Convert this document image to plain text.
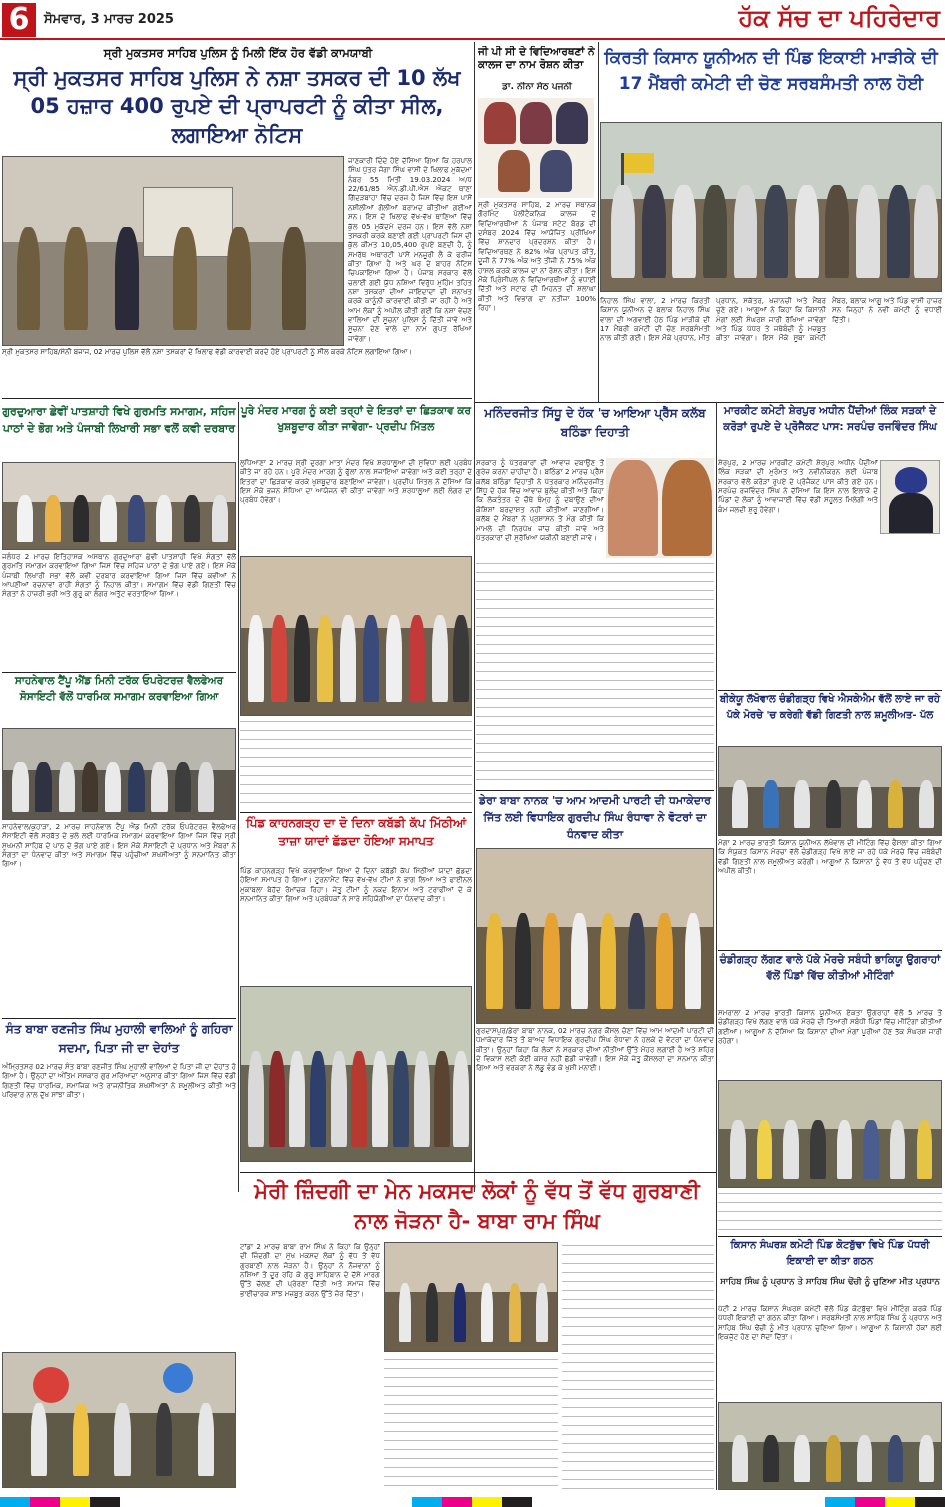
6	ਸੋਮਵਾਰ, 3 ਮਾਰਚ 2025	ਹੱਕ ਸੱਚ ਦਾ ਪਹਿਰੇਦਾਰ
ਸ੍ਰੀ ਮੁਕਤਸਰ ਸਾਹਿਬ ਪੁਲਿਸ ਨੂੰ ਮਿਲੀ ਇੱਕ ਹੋਰ ਵੱਡੀ ਕਾਮਯਾਬੀ
ਸ੍ਰੀ ਮੁਕਤਸਰ ਸਾਹਿਬ ਪੁਲਿਸ ਨੇ ਨਸ਼ਾ ਤਸਕਰ ਦੀ 10 ਲੱਖ 05 ਹਜ਼ਾਰ 400 ਰੁਪਏ ਦੀ ਪ੍ਰਾਪਰਟੀ ਨੂੰ ਕੀਤਾ ਸੀਲ, ਲਗਾਇਆ ਨੋਟਿਸ
ਜਾਣਕਾਰੀ ਦਿੰਦੇ ਹੋਏ ਦੱਸਿਆ ਗਿਆ ਕਿ ਹਰਪਾਲ ਸਿੰਘ ਪੁੱਤਰ ਜੋਗਾ ਸਿੰਘ ਵਾਸੀ ਦੇ ਖਿਲਾਫ ਮੁਕੱਦਮਾ ਨੰਬਰ 55 ਮਿਤੀ 19.03.2024 ਅ/ਧ 22/61/85 ਐਨ.ਡੀ.ਪੀ.ਐਸ ਐਕਟ ਥਾਣਾ ਗਿੱਦੜਬਾਹਾ ਵਿੱਚ ਦਰਜ ਹੈ ਜਿਸ ਵਿੱਚ ਇਸ ਪਾਸੋਂ ਨਸ਼ੀਲੀਆਂ ਗੋਲੀਆਂ ਬਰਾਮਦ ਕੀਤੀਆਂ ਗਈਆਂ ਸਨ। ਇਸ ਦੇ ਖਿਲਾਫ ਵੱਖ-ਵੱਖ ਥਾਣਿਆਂ ਵਿੱਚ ਕੁੱਲ 05 ਮੁਕੱਦਮੇ ਦਰਜ ਹਨ। ਇਸ ਵੱਲੋਂ ਨਸ਼ਾ ਤਸਕਰੀ ਕਰਕੇ ਬਣਾਈ ਗਈ ਪ੍ਰਾਪਰਟੀ ਜਿਸ ਦੀ ਕੁੱਲ ਕੀਮਤ 10,05,400 ਰੁਪਏ ਬਣਦੀ ਹੈ, ਨੂੰ ਸਮਰੱਥ ਅਥਾਰਟੀ ਪਾਸੋਂ ਮਨਜ਼ੂਰੀ ਲੈ ਕੇ ਫਰੀਜ ਕੀਤਾ ਗਿਆ ਹੈ ਅਤੇ ਘਰ ਦੇ ਬਾਹਰ ਨੋਟਿਸ ਚਿਪਕਾਇਆ ਗਿਆ ਹੈ। ਪੰਜਾਬ ਸਰਕਾਰ ਵੱਲੋਂ ਚਲਾਈ ਗਈ ਯੁੱਧ ਨਸ਼ਿਆਂ ਵਿਰੁੱਧ ਮੁਹਿੰਮ ਤਹਿਤ ਨਸ਼ਾ ਤਸਕਰਾਂ ਦੀਆਂ ਜਾਇਦਾਦਾਂ ਦੀ ਸ਼ਨਾਖਤ ਕਰਕੇ ਕਾਨੂੰਨੀ ਕਾਰਵਾਈ ਕੀਤੀ ਜਾ ਰਹੀ ਹੈ ਅਤੇ ਆਮ ਲੋਕਾਂ ਨੂੰ ਅਪੀਲ ਕੀਤੀ ਗਈ ਕਿ ਨਸ਼ਾ ਵੇਚਣ ਵਾਲਿਆਂ ਦੀ ਸੂਚਨਾ ਪੁਲਿਸ ਨੂੰ ਦਿੱਤੀ ਜਾਵੇ ਅਤੇ ਸੂਚਨਾ ਦੇਣ ਵਾਲੇ ਦਾ ਨਾਮ ਗੁਪਤ ਰੱਖਿਆ ਜਾਵੇਗਾ।
ਸ੍ਰੀ ਮੁਕਤਸਰ ਸਾਹਿਬ/ਸੰਨੀ ਬਜਾਜ, 02 ਮਾਰਚ ਪੁਲਿਸ ਵੱਲੋਂ ਨਸ਼ਾ ਤਸਕਰਾਂ ਦੇ ਖਿਲਾਫ ਵੱਡੀ ਕਾਰਵਾਈ ਕਰਦੇ ਹੋਏ ਪ੍ਰਾਪਰਟੀ ਨੂੰ ਸੀਲ ਕਰਕੇ ਨੋਟਿਸ ਲਗਾਇਆ ਗਿਆ।
ਜੀ ਪੀ ਸੀ ਦੇ ਵਿਦਿਆਰਥਣਾਂ ਨੇ ਕਾਲਜ ਦਾ ਨਾਮ ਰੋਸ਼ਨ ਕੀਤਾ
ਡਾ. ਨੀਨਾ ਸੇਠ ਪਜਨੀ
ਸ੍ਰੀ ਮੁਕਤਸਰ ਸਾਹਿਬ, 2 ਮਾਰਚ ਸਥਾਨਕ ਗੌਰਮਿੰਟ ਪੋਲੀਟੈਕਨਿਕ ਕਾਲਜ ਦੇ ਵਿਦਿਆਰਥੀਆਂ ਨੇ ਪੰਜਾਬ ਸਟੇਟ ਬੋਰਡ ਦੀ ਦਸੰਬਰ 2024 ਵਿੱਚ ਆਯੋਜਿਤ ਪ੍ਰੀਖਿਆ ਵਿੱਚ ਸ਼ਾਨਦਾਰ ਪ੍ਰਦਰਸ਼ਨ ਕੀਤਾ ਹੈ। ਵਿਦਿਆਰਥਣ ਨੇ 82% ਅੰਕ ਪ੍ਰਾਪਤ ਕੀਤੇ, ਦੂਜੀ ਨੇ 77% ਅੰਕ ਅਤੇ ਤੀਜੀ ਨੇ 75% ਅੰਕ ਹਾਸਲ ਕਰਕੇ ਕਾਲਜ ਦਾ ਨਾਂ ਰੋਸ਼ਨ ਕੀਤਾ। ਇਸ ਮੌਕੇ ਪ੍ਰਿੰਸੀਪਲ ਨੇ ਵਿਦਿਆਰਥੀਆਂ ਨੂੰ ਵਧਾਈ ਦਿੱਤੀ ਅਤੇ ਸਟਾਫ ਦੀ ਮਿਹਨਤ ਦੀ ਸ਼ਲਾਘਾ ਕੀਤੀ ਅਤੇ ਵਿਭਾਗ ਦਾ ਨਤੀਜਾ 100% ਰਿਹਾ।
ਕਿਰਤੀ ਕਿਸਾਨ ਯੂਨੀਅਨ ਦੀ ਪਿੰਡ ਇਕਾਈ ਮਾੜੀਕੇ ਦੀ 17 ਮੈਂਬਰੀ ਕਮੇਟੀ ਦੀ ਚੋਣ ਸਰਬਸੰਮਤੀ ਨਾਲ ਹੋਈ
ਨਿਹਾਲ ਸਿੰਘ ਵਾਲਾ, 2 ਮਾਰਚ ਕਿਰਤੀ ਕਿਸਾਨ ਯੂਨੀਅਨ ਦੇ ਬਲਾਕ ਨਿਹਾਲ ਸਿੰਘ ਵਾਲਾ ਦੀ ਅਗਵਾਈ ਹੇਠ ਪਿੰਡ ਮਾੜੀਕੇ ਦੀ 17 ਮੈਂਬਰੀ ਕਮੇਟੀ ਦੀ ਚੋਣ ਸਰਬਸੰਮਤੀ ਨਾਲ ਕੀਤੀ ਗਈ। ਇਸ ਮੌਕੇ ਪ੍ਰਧਾਨ, ਮੀਤ ਪ੍ਰਧਾਨ, ਸਕੱਤਰ, ਖਜ਼ਾਨਚੀ ਅਤੇ ਮੈਂਬਰ ਚੁਣੇ ਗਏ। ਆਗੂਆਂ ਨੇ ਕਿਹਾ ਕਿ ਕਿਸਾਨੀ ਮੰਗਾਂ ਲਈ ਸੰਘਰਸ਼ ਜਾਰੀ ਰੱਖਿਆ ਜਾਵੇਗਾ ਅਤੇ ਪਿੰਡ ਪੱਧਰ ਤੇ ਜਥੇਬੰਦੀ ਨੂੰ ਮਜ਼ਬੂਤ ਕੀਤਾ ਜਾਵੇਗਾ। ਇਸ ਮੌਕੇ ਸੂਬਾ ਕਮੇਟੀ ਮੈਂਬਰ, ਬਲਾਕ ਆਗੂ ਅਤੇ ਪਿੰਡ ਵਾਸੀ ਹਾਜ਼ਰ ਸਨ ਜਿਨ੍ਹਾਂ ਨੇ ਨਵੀਂ ਕਮੇਟੀ ਨੂੰ ਵਧਾਈ ਦਿੱਤੀ।
ਗੁਰਦੁਆਰਾ ਛੇਵੀਂ ਪਾਤਸ਼ਾਹੀ ਵਿਖੇ ਗੁਰਮਤਿ ਸਮਾਗਮ, ਸਹਿਜ ਪਾਠਾਂ ਦੇ ਭੋਗ ਅਤੇ ਪੰਜਾਬੀ ਲਿਖਾਰੀ ਸਭਾ ਵਲੋਂ ਕਵੀ ਦਰਬਾਰ
ਜਲੰਧਰ 2 ਮਾਰਚ ਇਤਿਹਾਸਕ ਅਸਥਾਨ ਗੁਰਦੁਆਰਾ ਛੇਵੀਂ ਪਾਤਸ਼ਾਹੀ ਵਿਖੇ ਸੰਗਤਾਂ ਵੱਲੋਂ ਗੁਰਮਤਿ ਸਮਾਗਮ ਕਰਵਾਇਆ ਗਿਆ ਜਿਸ ਵਿੱਚ ਸਹਿਜ ਪਾਠਾਂ ਦੇ ਭੋਗ ਪਾਏ ਗਏ। ਇਸ ਮੌਕੇ ਪੰਜਾਬੀ ਲਿਖਾਰੀ ਸਭਾ ਵੱਲੋਂ ਕਵੀ ਦਰਬਾਰ ਕਰਵਾਇਆ ਗਿਆ ਜਿਸ ਵਿੱਚ ਕਵੀਆਂ ਨੇ ਆਪਣੀਆਂ ਰਚਨਾਵਾਂ ਰਾਹੀਂ ਸੰਗਤਾਂ ਨੂੰ ਨਿਹਾਲ ਕੀਤਾ। ਸਮਾਗਮ ਵਿੱਚ ਵੱਡੀ ਗਿਣਤੀ ਵਿੱਚ ਸੰਗਤਾਂ ਨੇ ਹਾਜ਼ਰੀ ਭਰੀ ਅਤੇ ਗੁਰੂ ਕਾ ਲੰਗਰ ਅਤੁੱਟ ਵਰਤਾਇਆ ਗਿਆ।
ਸਾਹਨੇਵਾਲ ਟੈਂਪੂ ਐਂਡ ਮਿਨੀ ਟਰੱਕ ਓਪਰੇਟਰਜ਼ ਵੈਲਫੇਅਰ ਸੋਸਾਇਟੀ ਵੱਲੋਂ ਧਾਰਮਿਕ ਸਮਾਗਮ ਕਰਵਾਇਆ ਗਿਆ
ਸਾਹਨੇਵਾਲ/ਕੁਹਾੜਾ, 2 ਮਾਰਚ ਸਾਹਨੇਵਾਲ ਟੈਂਪੂ ਐਂਡ ਮਿਨੀ ਟਰੱਕ ਓਪਰੇਟਰਜ਼ ਵੈਲਫੇਅਰ ਸੋਸਾਇਟੀ ਵੱਲੋਂ ਸਰਬੱਤ ਦੇ ਭਲੇ ਲਈ ਧਾਰਮਿਕ ਸਮਾਗਮ ਕਰਵਾਇਆ ਗਿਆ ਜਿਸ ਵਿੱਚ ਸ੍ਰੀ ਸੁਖਮਨੀ ਸਾਹਿਬ ਦੇ ਪਾਠ ਦੇ ਭੋਗ ਪਾਏ ਗਏ। ਇਸ ਮੌਕੇ ਸੋਸਾਇਟੀ ਦੇ ਪ੍ਰਧਾਨ ਅਤੇ ਮੈਂਬਰਾਂ ਨੇ ਸੰਗਤਾਂ ਦਾ ਧੰਨਵਾਦ ਕੀਤਾ ਅਤੇ ਸਮਾਗਮ ਵਿੱਚ ਪਹੁੰਚੀਆਂ ਸ਼ਖਸੀਅਤਾਂ ਨੂੰ ਸਨਮਾਨਿਤ ਕੀਤਾ ਗਿਆ।
ਸੰਤ ਬਾਬਾ ਰਣਜੀਤ ਸਿੰਘ ਮੁਹਾਲੀ ਵਾਲਿਆਂ ਨੂੰ ਗਹਿਰਾ ਸਦਮਾ, ਪਿਤਾ ਜੀ ਦਾ ਦੇਹਾਂਤ
ਅੰਮ੍ਰਿਤਸਰ 02 ਮਾਰਚ ਸੰਤ ਬਾਬਾ ਰਣਜੀਤ ਸਿੰਘ ਮੁਹਾਲੀ ਵਾਲਿਆਂ ਦੇ ਪਿਤਾ ਜੀ ਦਾ ਦੇਹਾਂਤ ਹੋ ਗਿਆ ਹੈ। ਉਨ੍ਹਾਂ ਦਾ ਅੰਤਿਮ ਸਸਕਾਰ ਗੁਰ ਮਰਿਆਦਾ ਅਨੁਸਾਰ ਕੀਤਾ ਗਿਆ ਜਿਸ ਵਿੱਚ ਵੱਡੀ ਗਿਣਤੀ ਵਿੱਚ ਧਾਰਮਿਕ, ਸਮਾਜਿਕ ਅਤੇ ਰਾਜਨੀਤਿਕ ਸ਼ਖਸੀਅਤਾਂ ਨੇ ਸ਼ਮੂਲੀਅਤ ਕੀਤੀ ਅਤੇ ਪਰਿਵਾਰ ਨਾਲ ਦੁੱਖ ਸਾਂਝਾ ਕੀਤਾ।
ਪੂਰੇ ਮੰਦਰ ਮਾਰਗ ਨੂੰ ਕਈ ਤਰ੍ਹਾਂ ਦੇ ਇਤਰਾਂ ਦਾ ਛਿੜਕਾਵ ਕਰ ਖੁਸ਼ਬੂਦਾਰ ਕੀਤਾ ਜਾਵੇਗਾ- ਪ੍ਰਦੀਪ ਮਿੱਤਲ
ਲੁਧਿਆਣਾ 2 ਮਾਰਚ ਸ਼੍ਰੀ ਦੁਰਗਾ ਮਾਤਾ ਮੰਦਰ ਵਿਖੇ ਸ਼ਰਧਾਲੂਆਂ ਦੀ ਸੁਵਿਧਾ ਲਈ ਪ੍ਰਬੰਧ ਕੀਤੇ ਜਾ ਰਹੇ ਹਨ। ਪੂਰੇ ਮੰਦਰ ਮਾਰਗ ਨੂੰ ਫੁੱਲਾਂ ਨਾਲ ਸਜਾਇਆ ਜਾਵੇਗਾ ਅਤੇ ਕਈ ਤਰ੍ਹਾਂ ਦੇ ਇਤਰਾਂ ਦਾ ਛਿੜਕਾਵ ਕਰਕੇ ਖੁਸ਼ਬੂਦਾਰ ਬਣਾਇਆ ਜਾਵੇਗਾ। ਪ੍ਰਦੀਪ ਮਿੱਤਲ ਨੇ ਦੱਸਿਆ ਕਿ ਇਸ ਮੌਕੇ ਭਜਨ ਸੰਧਿਆ ਦਾ ਆਯੋਜਨ ਵੀ ਕੀਤਾ ਜਾਵੇਗਾ ਅਤੇ ਸ਼ਰਧਾਲੂਆਂ ਲਈ ਲੰਗਰ ਦਾ ਪ੍ਰਬੰਧ ਹੋਵੇਗਾ।
ਪਿੰਡ ਕਾਹਨਗੜ੍ਹ ਦਾ ਦੋ ਦਿਨਾ ਕਬੱਡੀ ਕੱਪ ਮਿੱਠੀਆਂ ਤਾਜ਼ਾ ਯਾਦਾਂ ਛੱਡਦਾ ਹੋਇਆ ਸਮਾਪਤ
ਪਿੰਡ ਕਾਹਨਗੜ੍ਹ ਵਿਖੇ ਕਰਵਾਇਆ ਗਿਆ ਦੋ ਦਿਨਾ ਕਬੱਡੀ ਕੱਪ ਮਿੱਠੀਆਂ ਯਾਦਾਂ ਛੱਡਦਾ ਹੋਇਆ ਸਮਾਪਤ ਹੋ ਗਿਆ। ਟੂਰਨਾਮੈਂਟ ਵਿੱਚ ਵੱਖ-ਵੱਖ ਟੀਮਾਂ ਨੇ ਭਾਗ ਲਿਆ ਅਤੇ ਫਾਈਨਲ ਮੁਕਾਬਲਾ ਬੇਹੱਦ ਰੋਮਾਂਚਕ ਰਿਹਾ। ਜੇਤੂ ਟੀਮਾਂ ਨੂੰ ਨਕਦ ਇਨਾਮ ਅਤੇ ਟਰਾਫੀਆਂ ਦੇ ਕੇ ਸਨਮਾਨਿਤ ਕੀਤਾ ਗਿਆ ਅਤੇ ਪ੍ਰਬੰਧਕਾਂ ਨੇ ਸਾਰੇ ਸਹਿਯੋਗੀਆਂ ਦਾ ਧੰਨਵਾਦ ਕੀਤਾ।
ਮਨਿੰਦਰਜੀਤ ਸਿੱਧੂ ਦੇ ਹੱਕ 'ਚ ਆਇਆ ਪ੍ਰੈੱਸ ਕਲੱਬ ਬਠਿੰਡਾ ਦਿਹਾਤੀ
ਸਰਕਾਰ ਨੂੰ ਪੱਤਰਕਾਰਾਂ ਦੀ ਆਵਾਜ਼ ਦਬਾਉਣ ਤੋਂ ਗੁਰੇਜ਼ ਕਰਨਾ ਚਾਹੀਦਾ ਹੈ। ਬਠਿੰਡਾ 2 ਮਾਰਚ ਪ੍ਰੈੱਸ ਕਲੱਬ ਬਠਿੰਡਾ ਦਿਹਾਤੀ ਨੇ ਪੱਤਰਕਾਰ ਮਨਿੰਦਰਜੀਤ ਸਿੱਧੂ ਦੇ ਹੱਕ ਵਿੱਚ ਆਵਾਜ਼ ਬੁਲੰਦ ਕੀਤੀ ਅਤੇ ਕਿਹਾ ਕਿ ਲੋਕਤੰਤਰ ਦੇ ਚੌਥੇ ਥੰਮ੍ਹ ਨੂੰ ਦਬਾਉਣ ਦੀਆਂ ਕੋਸ਼ਿਸ਼ਾਂ ਬਰਦਾਸ਼ਤ ਨਹੀਂ ਕੀਤੀਆਂ ਜਾਣਗੀਆਂ। ਕਲੱਬ ਦੇ ਮੈਂਬਰਾਂ ਨੇ ਪ੍ਰਸ਼ਾਸਨ ਤੋਂ ਮੰਗ ਕੀਤੀ ਕਿ ਮਾਮਲੇ ਦੀ ਨਿਰਪੱਖ ਜਾਂਚ ਕੀਤੀ ਜਾਵੇ ਅਤੇ ਪੱਤਰਕਾਰਾਂ ਦੀ ਸੁਰੱਖਿਆ ਯਕੀਨੀ ਬਣਾਈ ਜਾਵੇ।
ਡੇਰਾ ਬਾਬਾ ਨਾਨਕ 'ਚ ਆਮ ਆਦਮੀ ਪਾਰਟੀ ਦੀ ਧਮਾਕੇਦਾਰ ਜਿੱਤ ਲਈ ਵਿਧਾਇਕ ਗੁਰਦੀਪ ਸਿੰਘ ਰੰਧਾਵਾ ਨੇ ਵੋਟਰਾਂ ਦਾ ਧੰਨਵਾਦ ਕੀਤਾ
ਗੁਰਦਾਸਪੁਰ/ਡੇਰਾ ਬਾਬਾ ਨਾਨਕ, 02 ਮਾਰਚ ਨਗਰ ਕੌਂਸਲ ਚੋਣਾਂ ਵਿੱਚ ਆਮ ਆਦਮੀ ਪਾਰਟੀ ਦੀ ਧਮਾਕੇਦਾਰ ਜਿੱਤ ਤੋਂ ਬਾਅਦ ਵਿਧਾਇਕ ਗੁਰਦੀਪ ਸਿੰਘ ਰੰਧਾਵਾ ਨੇ ਹਲਕੇ ਦੇ ਵੋਟਰਾਂ ਦਾ ਧੰਨਵਾਦ ਕੀਤਾ। ਉਨ੍ਹਾਂ ਕਿਹਾ ਕਿ ਲੋਕਾਂ ਨੇ ਸਰਕਾਰ ਦੀਆਂ ਨੀਤੀਆਂ ਉੱਤੇ ਮੋਹਰ ਲਗਾਈ ਹੈ ਅਤੇ ਸ਼ਹਿਰ ਦੇ ਵਿਕਾਸ ਲਈ ਕੋਈ ਕਸਰ ਨਹੀਂ ਛੱਡੀ ਜਾਵੇਗੀ। ਇਸ ਮੌਕੇ ਜੇਤੂ ਕੌਂਸਲਰਾਂ ਦਾ ਸਨਮਾਨ ਕੀਤਾ ਗਿਆ ਅਤੇ ਵਰਕਰਾਂ ਨੇ ਲੱਡੂ ਵੰਡ ਕੇ ਖੁਸ਼ੀ ਮਨਾਈ।
ਮਾਰਕੀਟ ਕਮੇਟੀ ਸ਼ੇਰਪੁਰ ਅਧੀਨ ਪੈਂਦੀਆਂ ਲਿੰਕ ਸੜਕਾਂ ਦੇ ਕਰੋੜਾਂ ਰੁਪਏ ਦੇ ਪ੍ਰੋਜੈਕਟ ਪਾਸ: ਸਰਪੰਚ ਰਜਵਿੰਦਰ ਸਿੰਘ
ਸ਼ੇਰਪੁਰ, 2 ਮਾਰਚ ਮਾਰਕੀਟ ਕਮੇਟੀ ਸ਼ੇਰਪੁਰ ਅਧੀਨ ਪੈਂਦੀਆਂ ਲਿੰਕ ਸੜਕਾਂ ਦੀ ਮੁਰੰਮਤ ਅਤੇ ਨਵੀਨੀਕਰਨ ਲਈ ਪੰਜਾਬ ਸਰਕਾਰ ਵੱਲੋਂ ਕਰੋੜਾਂ ਰੁਪਏ ਦੇ ਪ੍ਰੋਜੈਕਟ ਪਾਸ ਕੀਤੇ ਗਏ ਹਨ। ਸਰਪੰਚ ਰਜਵਿੰਦਰ ਸਿੰਘ ਨੇ ਦੱਸਿਆ ਕਿ ਇਸ ਨਾਲ ਇਲਾਕੇ ਦੇ ਪਿੰਡਾਂ ਦੇ ਲੋਕਾਂ ਨੂੰ ਆਵਾਜਾਈ ਵਿੱਚ ਵੱਡੀ ਸਹੂਲਤ ਮਿਲੇਗੀ ਅਤੇ ਕੰਮ ਜਲਦੀ ਸ਼ੁਰੂ ਹੋਵੇਗਾ।
ਬੀਕੇਯੂ ਲੱਖੋਵਾਲ ਚੰਡੀਗੜ੍ਹ ਵਿਖੇ ਐਸਕੇਐਮ ਵੱਲੋਂ ਲਾਏ ਜਾ ਰਹੇ ਪੱਕੇ ਮੋਰਚੇ 'ਚ ਕਰੇਗੀ ਵੱਡੀ ਗਿਣਤੀ ਨਾਲ ਸ਼ਮੂਲੀਅਤ- ਪੱਲ
ਮੋਗਾ 2 ਮਾਰਚ ਭਾਰਤੀ ਕਿਸਾਨ ਯੂਨੀਅਨ ਲੱਖੋਵਾਲ ਦੀ ਮੀਟਿੰਗ ਵਿੱਚ ਫੈਸਲਾ ਕੀਤਾ ਗਿਆ ਕਿ ਸੰਯੁਕਤ ਕਿਸਾਨ ਮੋਰਚਾ ਵੱਲੋਂ ਚੰਡੀਗੜ੍ਹ ਵਿਖੇ ਲਾਏ ਜਾ ਰਹੇ ਪੱਕੇ ਮੋਰਚੇ ਵਿੱਚ ਜਥੇਬੰਦੀ ਵੱਡੀ ਗਿਣਤੀ ਨਾਲ ਸ਼ਮੂਲੀਅਤ ਕਰੇਗੀ। ਆਗੂਆਂ ਨੇ ਕਿਸਾਨਾਂ ਨੂੰ ਵੱਧ ਤੋਂ ਵੱਧ ਪਹੁੰਚਣ ਦੀ ਅਪੀਲ ਕੀਤੀ।
ਚੰਡੀਗੜ੍ਹ ਲੱਗਣ ਵਾਲੇ ਪੱਕੇ ਮੋਰਚੇ ਸਬੰਧੀ ਭਾਕਿਯੂ ਉਗਰਾਹਾਂ ਵੱਲੋਂ ਪਿੰਡਾਂ ਵਿੱਚ ਕੀਤੀਆਂ ਮੀਟਿੰਗਾਂ
ਸਮਰਾਲਾ 2 ਮਾਰਚ ਭਾਰਤੀ ਕਿਸਾਨ ਯੂਨੀਅਨ ਏਕਤਾ ਉਗਰਾਹਾਂ ਵੱਲੋਂ 5 ਮਾਰਚ ਤੋਂ ਚੰਡੀਗੜ੍ਹ ਵਿਖੇ ਲੱਗਣ ਵਾਲੇ ਪੱਕੇ ਮੋਰਚੇ ਦੀ ਤਿਆਰੀ ਸਬੰਧੀ ਪਿੰਡਾਂ ਵਿੱਚ ਮੀਟਿੰਗਾਂ ਕੀਤੀਆਂ ਗਈਆਂ। ਆਗੂਆਂ ਨੇ ਦੱਸਿਆ ਕਿ ਕਿਸਾਨਾਂ ਦੀਆਂ ਮੰਗਾਂ ਪੂਰੀਆਂ ਹੋਣ ਤੱਕ ਸੰਘਰਸ਼ ਜਾਰੀ ਰਹੇਗਾ।
ਕਿਸਾਨ ਸੰਘਰਸ਼ ਕਮੇਟੀ ਪਿੰਡ ਕੋਟਬੁੱਢਾ ਵਿਖੇ ਪਿੰਡ ਪੱਧਰੀ ਇਕਾਈ ਦਾ ਕੀਤਾ ਗਠਨ
ਸਾਹਿਬ ਸਿੰਘ ਨੂੰ ਪ੍ਰਧਾਨ ਤੇ ਸਾਹਿਬ ਸਿੰਘ ਢੋਂਚੀ ਨੂੰ ਚੁਣਿਆ ਮੀਤ ਪ੍ਰਧਾਨ
ਪੱਟੀ 2 ਮਾਰਚ ਕਿਸਾਨ ਸੰਘਰਸ਼ ਕਮੇਟੀ ਵੱਲੋਂ ਪਿੰਡ ਕੋਟਬੁੱਢਾ ਵਿਖੇ ਮੀਟਿੰਗ ਕਰਕੇ ਪਿੰਡ ਪੱਧਰੀ ਇਕਾਈ ਦਾ ਗਠਨ ਕੀਤਾ ਗਿਆ। ਸਰਬਸੰਮਤੀ ਨਾਲ ਸਾਹਿਬ ਸਿੰਘ ਨੂੰ ਪ੍ਰਧਾਨ ਅਤੇ ਸਾਹਿਬ ਸਿੰਘ ਢੋਂਚੀ ਨੂੰ ਮੀਤ ਪ੍ਰਧਾਨ ਚੁਣਿਆ ਗਿਆ। ਆਗੂਆਂ ਨੇ ਕਿਸਾਨੀ ਹੱਕਾਂ ਲਈ ਇਕਜੁੱਟ ਹੋਣ ਦਾ ਸੱਦਾ ਦਿੱਤਾ।
ਮੇਰੀ ਜ਼ਿੰਦਗੀ ਦਾ ਮੇਨ ਮਕਸਦ ਲੋਕਾਂ ਨੂੰ ਵੱਧ ਤੋਂ ਵੱਧ ਗੁਰਬਾਣੀ ਨਾਲ ਜੋੜਨਾ ਹੈ- ਬਾਬਾ ਰਾਮ ਸਿੰਘ
ਟਾਂਡਾ 2 ਮਾਰਚ ਬਾਬਾ ਰਾਮ ਸਿੰਘ ਨੇ ਕਿਹਾ ਕਿ ਉਨ੍ਹਾਂ ਦੀ ਜ਼ਿੰਦਗੀ ਦਾ ਮੁੱਖ ਮਕਸਦ ਲੋਕਾਂ ਨੂੰ ਵੱਧ ਤੋਂ ਵੱਧ ਗੁਰਬਾਣੀ ਨਾਲ ਜੋੜਨਾ ਹੈ। ਉਨ੍ਹਾਂ ਨੇ ਨੌਜਵਾਨਾਂ ਨੂੰ ਨਸ਼ਿਆਂ ਤੋਂ ਦੂਰ ਰਹਿ ਕੇ ਗੁਰੂ ਸਾਹਿਬਾਨ ਦੇ ਦੱਸੇ ਮਾਰਗ ਉੱਤੇ ਚੱਲਣ ਦੀ ਪ੍ਰੇਰਣਾ ਦਿੱਤੀ ਅਤੇ ਸਮਾਜ ਵਿੱਚ ਭਾਈਚਾਰਕ ਸਾਂਝ ਮਜ਼ਬੂਤ ਕਰਨ ਉੱਤੇ ਜ਼ੋਰ ਦਿੱਤਾ।
